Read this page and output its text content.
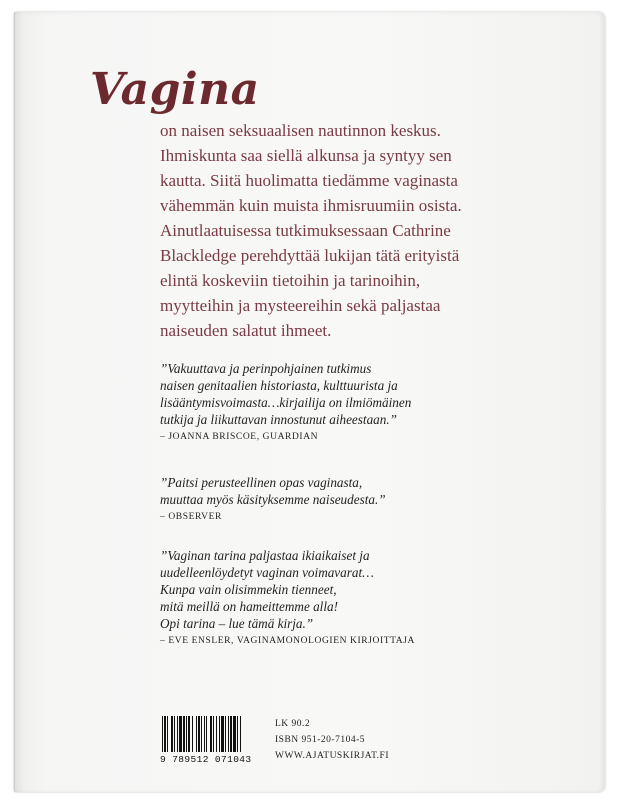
Vagina
on naisen seksuaalisen nautinnon keskus.
Ihmiskunta saa siellä alkunsa ja syntyy sen
kautta. Siitä huolimatta tiedämme vaginasta
vähemmän kuin muista ihmisruumiin osista.
Ainutlaatuisessa tutkimuksessaan Cathrine
Blackledge perehdyttää lukijan tätä erityistä
elintä koskeviin tietoihin ja tarinoihin,
myytteihin ja mysteereihin sekä paljastaa
naiseuden salatut ihmeet.
”Vakuuttava ja perinpohjainen tutkimus
naisen genitaalien historiasta, kulttuurista ja
lisääntymisvoimasta…kirjailija on ilmiömäinen
tutkija ja liikuttavan innostunut aiheestaan.”
– JOANNA BRISCOE, GUARDIAN
”Paitsi perusteellinen opas vaginasta,
muuttaa myös käsityksemme naiseudesta.”
– OBSERVER
”Vaginan tarina paljastaa ikiaikaiset ja
uudelleenlöydetyt vaginan voimavarat…
Kunpa vain olisimmekin tienneet,
mitä meillä on hameittemme alla!
Opi tarina – lue tämä kirja.”
– EVE ENSLER, VAGINAMONOLOGIEN KIRJOITTAJA
9 789512 071043
LK 90.2
ISBN 951-20-7104-5
WWW.AJATUSKIRJAT.FI
